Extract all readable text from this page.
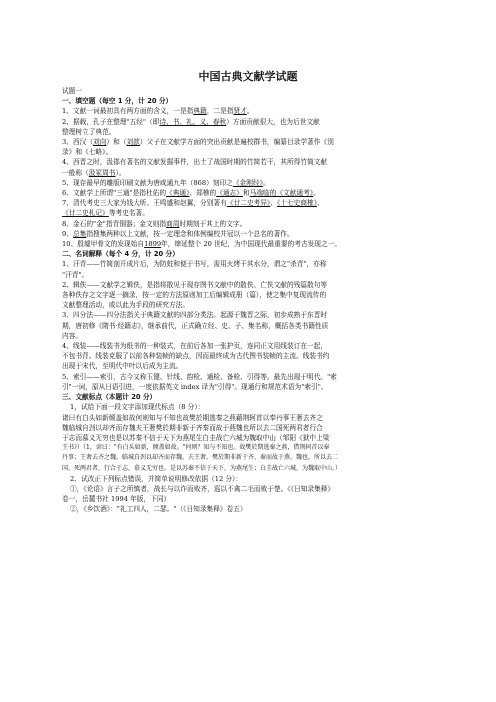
中国古典文献学试题
试题一
一、填空题（每空 1 分，计 20 分）
1、文献一词最初具有两方面的含义，一是指典籍，二是指贤才。
2、据载，孔子在整理"五经"（即诗、书、礼、义、春秋）方面贡献很大，也为后世文献
整理树立了典范。
3、西汉（刘向）和（刘歆）父子在文献学方面的突出贡献是遍校群书，编纂目录学著作《别
录》和《七略》。
4、西晋之时，汲郡有著名的文献发掘事件，出土了战国时期的竹简若干，其所得竹简文献
一般称（汲冢周书）。
5、现存最早的雕版印刷文献为唐咸通九年（868）刻印之《金刚经》。
6、文献学上所谓"三通"是指杜佑的《典通》、郑樵的《通志》和马端临的《文献通考》。
7、清代考史三大家为钱大昕、王鸣盛和赵翼，分别著有《廿二史考异》、《十七史商榷》、
《廿二史札记》等考史名著。
8、金石的"金"指青铜器；金文则指商周时期刻于其上的文字。
9、总集指搜集两种以上文献，按一定理念和体例编校并冠以一个总名的著作。
10、殷墟甲骨文的发现始自1899年，缔延整个 20 世纪，为中国现代最重要的考古发现之一。
二、名词解释（每个 4 分，计 20 分）
1、汗青——竹简剖开成片后，为防蛀和便于书写，需用火烤干其水分，谓之"杀青"，亦称
"汗青"。
2、辑佚——文献学之辑佚，是指将散见于现存图书文献中的散佚、亡佚文献的残篇散句等
各种佚存之文字逐一摘录，按一定的方法原则加工后编辑成册（篇），使之集中复现流传的
文献整理活动，或以此为手段的研究方法。
3、四分法——四分法指关于典籍文献的四部分类法。起源于魏晋之际，初步成熟于东晋时
期，唐初修《隋书·经籍志》，继承前代，正式确立经、史、子、集名称，概括各类书籍性质
内容。
4、线装——线装书为纸书的一种装式，在前后各加一张护页，连同正文用线装订在一起，
不包书背。线装克服了以前各种装帧的缺点，因而最终成为古代图书装帧的主流。线装书约
出现于宋代，至明代中叶以后成为主流。
5、索引——索引，古今又称玉键、针线、韵检、通检、备检、引得等。最先出现于明代。"索
引"一词，原从日语引进，一度依据英文 index 译为"引得"。现通行和规范术语为"索引"。
三、文献标点（本题计 20 分）
1，试给下面一段文字添加现代标点（8 分）：
诸曰有白头如新倾盖如故何则知与不知也故樊於期逃秦之燕藉荆轲首以奉丹事王奢去齐之
魏临城自刭以却齐而存魏夫王奢樊於期非新于齐秦而故于燕魏也所以去二国死两君者行合
于志而慕义无穷也是以苏秦不信于天下为燕尾生白圭战亡六城为魏取中山（邹阳《狱中上梁
王书》）（1，谚曰："有白头如新，倾盖如故。"何则？知与不知也。故樊於期逃秦之燕，借荆轲首以奉
丹事；王奢去齐之魏，临城自刭以却齐而存魏。夫王奢、樊於期非新于齐、秦而故于燕、魏也，所以去二
国、死两君者，行合于志，慕义无穷也。是以苏秦不信于天下，为燕尾生；白圭战亡六城，为魏取中山。）
2、试改正下列标点错误，并简单说明修改依据（12 分）：
①，《论语》言子之所慎者，战长与以诈而败齐，巡以不禽二毛而败于楚。《《日知录集释》
卷一，岳麓书社 1994 年版，下同）
②，《乡饮酒》："礼工四人，二瑟。"（《日知录集释》卷五）
